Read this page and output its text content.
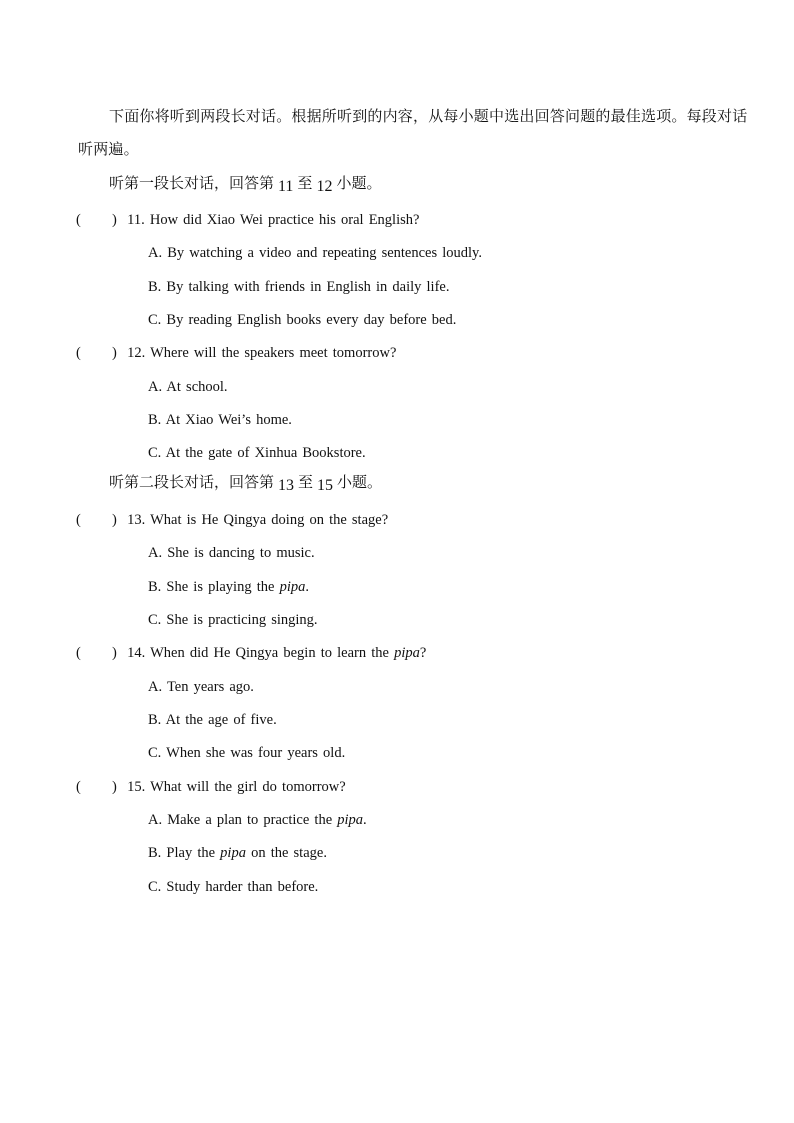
下面你将听到两段长对话。根据所听到的内容，从每小题中选出回答问题的最佳选项。每段对话听两遍。
听第一段长对话，回答第 11 至 12 小题。
( ) 11. How did Xiao Wei practice his oral English?
A. By watching a video and repeating sentences loudly.
B. By talking with friends in English in daily life.
C. By reading English books every day before bed.
( ) 12. Where will the speakers meet tomorrow?
A. At school.
B. At Xiao Wei’s home.
C. At the gate of Xinhua Bookstore.
听第二段长对话，回答第 13 至 15 小题。
( ) 13. What is He Qingya doing on the stage?
A. She is dancing to music.
B. She is playing the pipa.
C. She is practicing singing.
( ) 14. When did He Qingya begin to learn the pipa?
A. Ten years ago.
B. At the age of five.
C. When she was four years old.
( ) 15. What will the girl do tomorrow?
A. Make a plan to practice the pipa.
B. Play the pipa on the stage.
C. Study harder than before.
